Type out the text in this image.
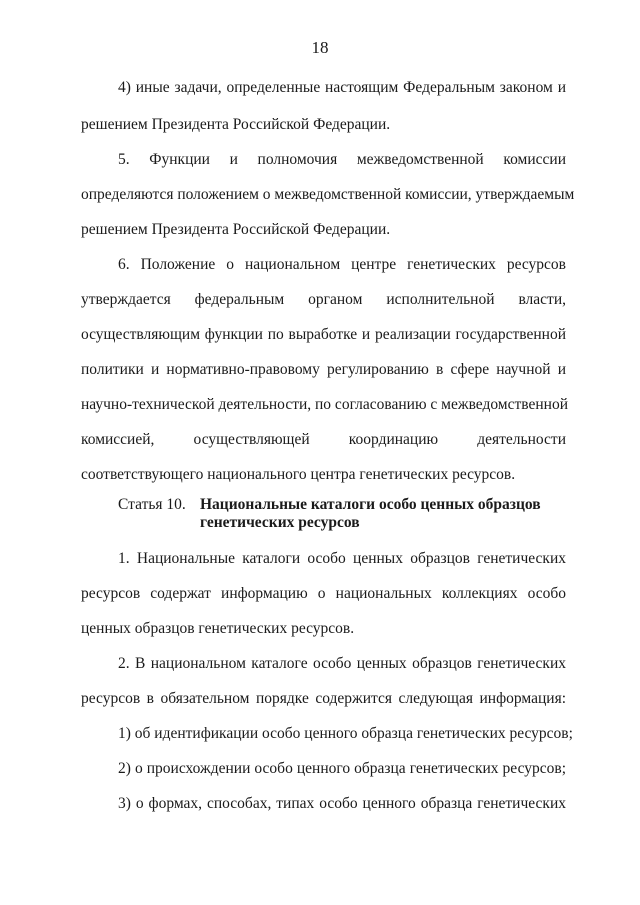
18
4) иные задачи, определенные настоящим Федеральным законом и
решением Президента Российской Федерации.
5. Функции и полномочия межведомственной комиссии
определяются положением о межведомственной комиссии, утверждаемым
решением Президента Российской Федерации.
6. Положение о национальном центре генетических ресурсов
утверждается федеральным органом исполнительной власти,
осуществляющим функции по выработке и реализации государственной
политики и нормативно-правовому регулированию в сфере научной и
научно-технической деятельности, по согласованию с межведомственной
комиссией, осуществляющей координацию деятельности
соответствующего национального центра генетических ресурсов.
Статья 10. Национальные каталоги особо ценных образцов генетических ресурсов
1. Национальные каталоги особо ценных образцов генетических
ресурсов содержат информацию о национальных коллекциях особо
ценных образцов генетических ресурсов.
2. В национальном каталоге особо ценных образцов генетических
ресурсов в обязательном порядке содержится следующая информация:
1) об идентификации особо ценного образца генетических ресурсов;
2) о происхождении особо ценного образца генетических ресурсов;
3) о формах, способах, типах особо ценного образца генетических
